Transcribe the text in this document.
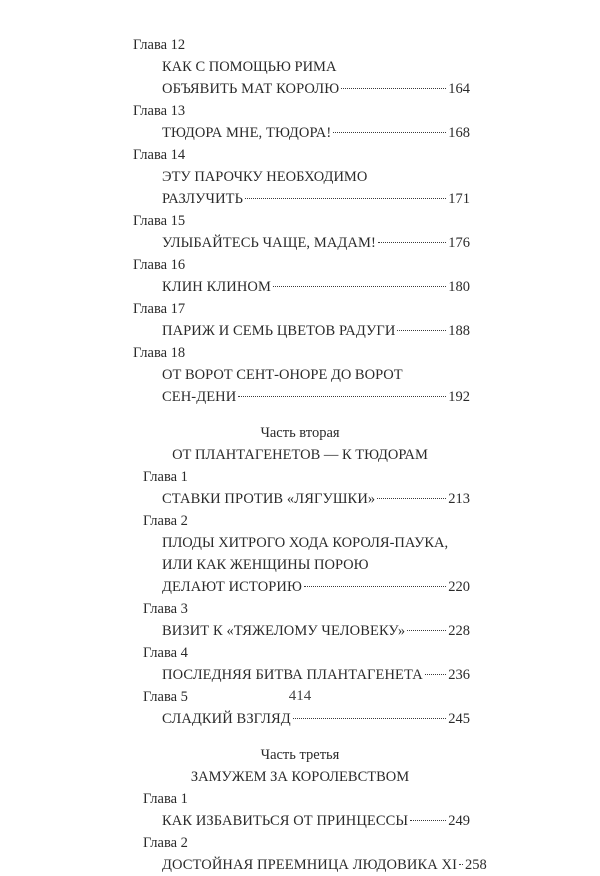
Глава 12
КАК С ПОМОЩЬЮ РИМА
ОБЪЯВИТЬ МАТ КОРОЛЮ	164
Глава 13
ТЮДОРА МНЕ, ТЮДОРА!	168
Глава 14
ЭТУ ПАРОЧКУ НЕОБХОДИМО
РАЗЛУЧИТЬ	171
Глава 15
УЛЫБАЙТЕСЬ ЧАЩЕ, МАДАМ!	176
Глава 16
КЛИН КЛИНОМ	180
Глава 17
ПАРИЖ И СЕМЬ ЦВЕТОВ РАДУГИ	188
Глава 18
ОТ ВОРОТ СЕНТ-ОНОРЕ ДО ВОРОТ
СЕН-ДЕНИ	192
Часть вторая
ОТ ПЛАНТАГЕНЕТОВ — К ТЮДОРАМ
Глава 1
СТАВКИ ПРОТИВ «ЛЯГУШКИ»	213
Глава 2
ПЛОДЫ ХИТРОГО ХОДА КОРОЛЯ-ПАУКА,
ИЛИ КАК ЖЕНЩИНЫ ПОРОЮ
ДЕЛАЮТ ИСТОРИЮ	220
Глава 3
ВИЗИТ К «ТЯЖЕЛОМУ ЧЕЛОВЕКУ»	228
Глава 4
ПОСЛЕДНЯЯ БИТВА ПЛАНТАГЕНЕТА 236
Глава 5
СЛАДКИЙ ВЗГЛЯД	245
Часть третья
ЗАМУЖЕМ ЗА КОРОЛЕВСТВОМ
Глава 1
КАК ИЗБАВИТЬСЯ ОТ ПРИНЦЕССЫ	249
Глава 2
ДОСТОЙНАЯ ПРЕЕМНИЦА ЛЮДОВИКА XI 258
414
